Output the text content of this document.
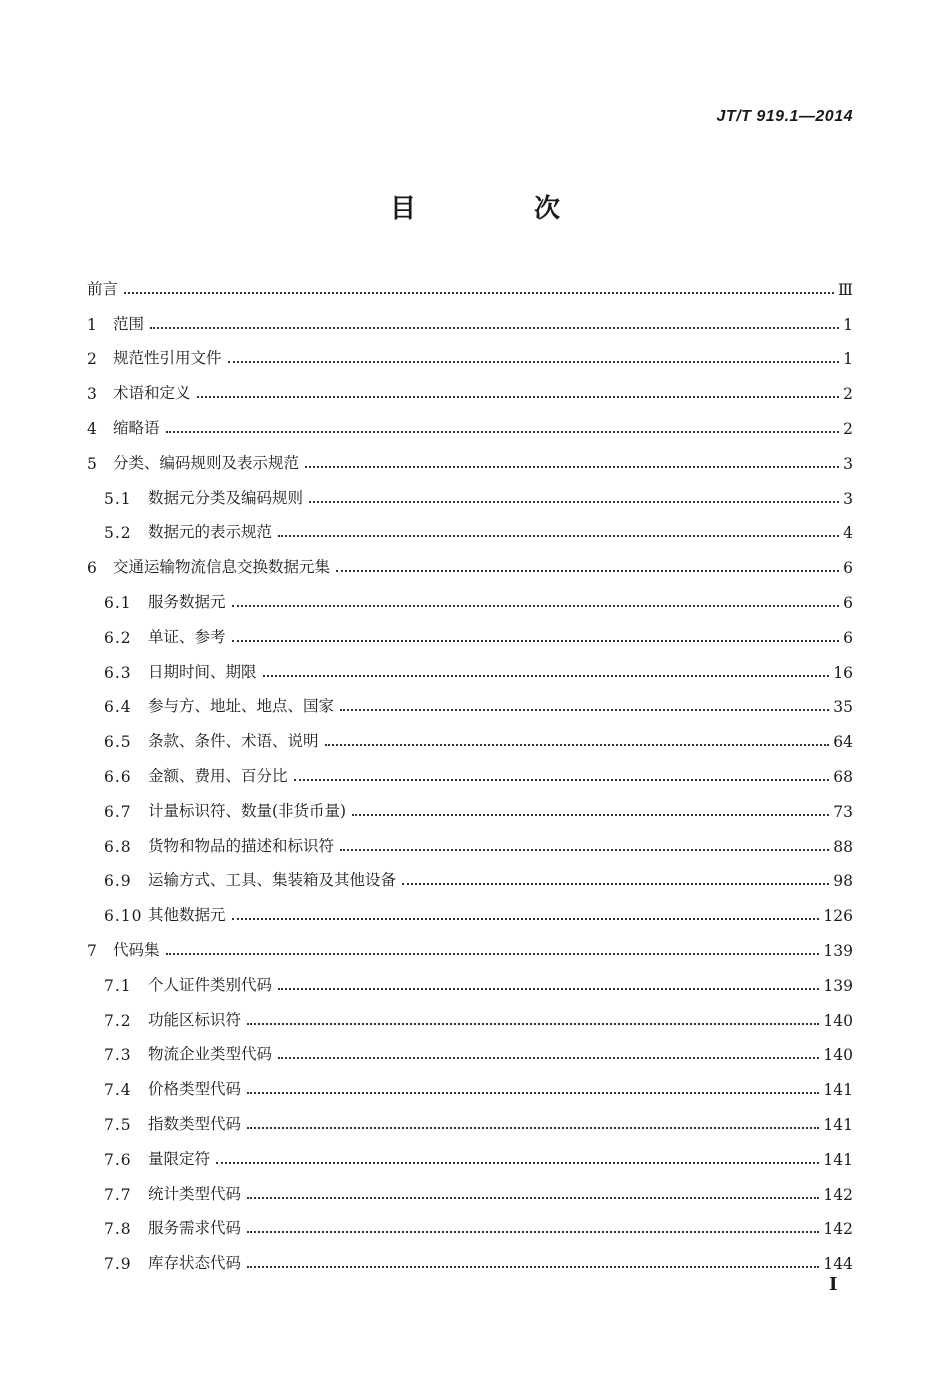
JT/T 919.1—2014
目　次
前言	Ⅲ
1	范围	1
2	规范性引用文件	1
3	术语和定义	2
4	缩略语	2
5	分类、编码规则及表示规范	3
5.1	数据元分类及编码规则	3
5.2	数据元的表示规范	4
6	交通运输物流信息交换数据元集	6
6.1	服务数据元	6
6.2	单证、参考	6
6.3	日期时间、期限	16
6.4	参与方、地址、地点、国家	35
6.5	条款、条件、术语、说明	64
6.6	金额、费用、百分比	68
6.7	计量标识符、数量(非货币量)	73
6.8	货物和物品的描述和标识符	88
6.9	运输方式、工具、集装箱及其他设备	98
6.10 其他数据元	126
7	代码集	139
7.1	个人证件类别代码	139
7.2	功能区标识符	140
7.3	物流企业类型代码	140
7.4	价格类型代码	141
7.5	指数类型代码	141
7.6	量限定符	141
7.7	统计类型代码	142
7.8	服务需求代码	142
7.9	库存状态代码	144
Ⅰ
